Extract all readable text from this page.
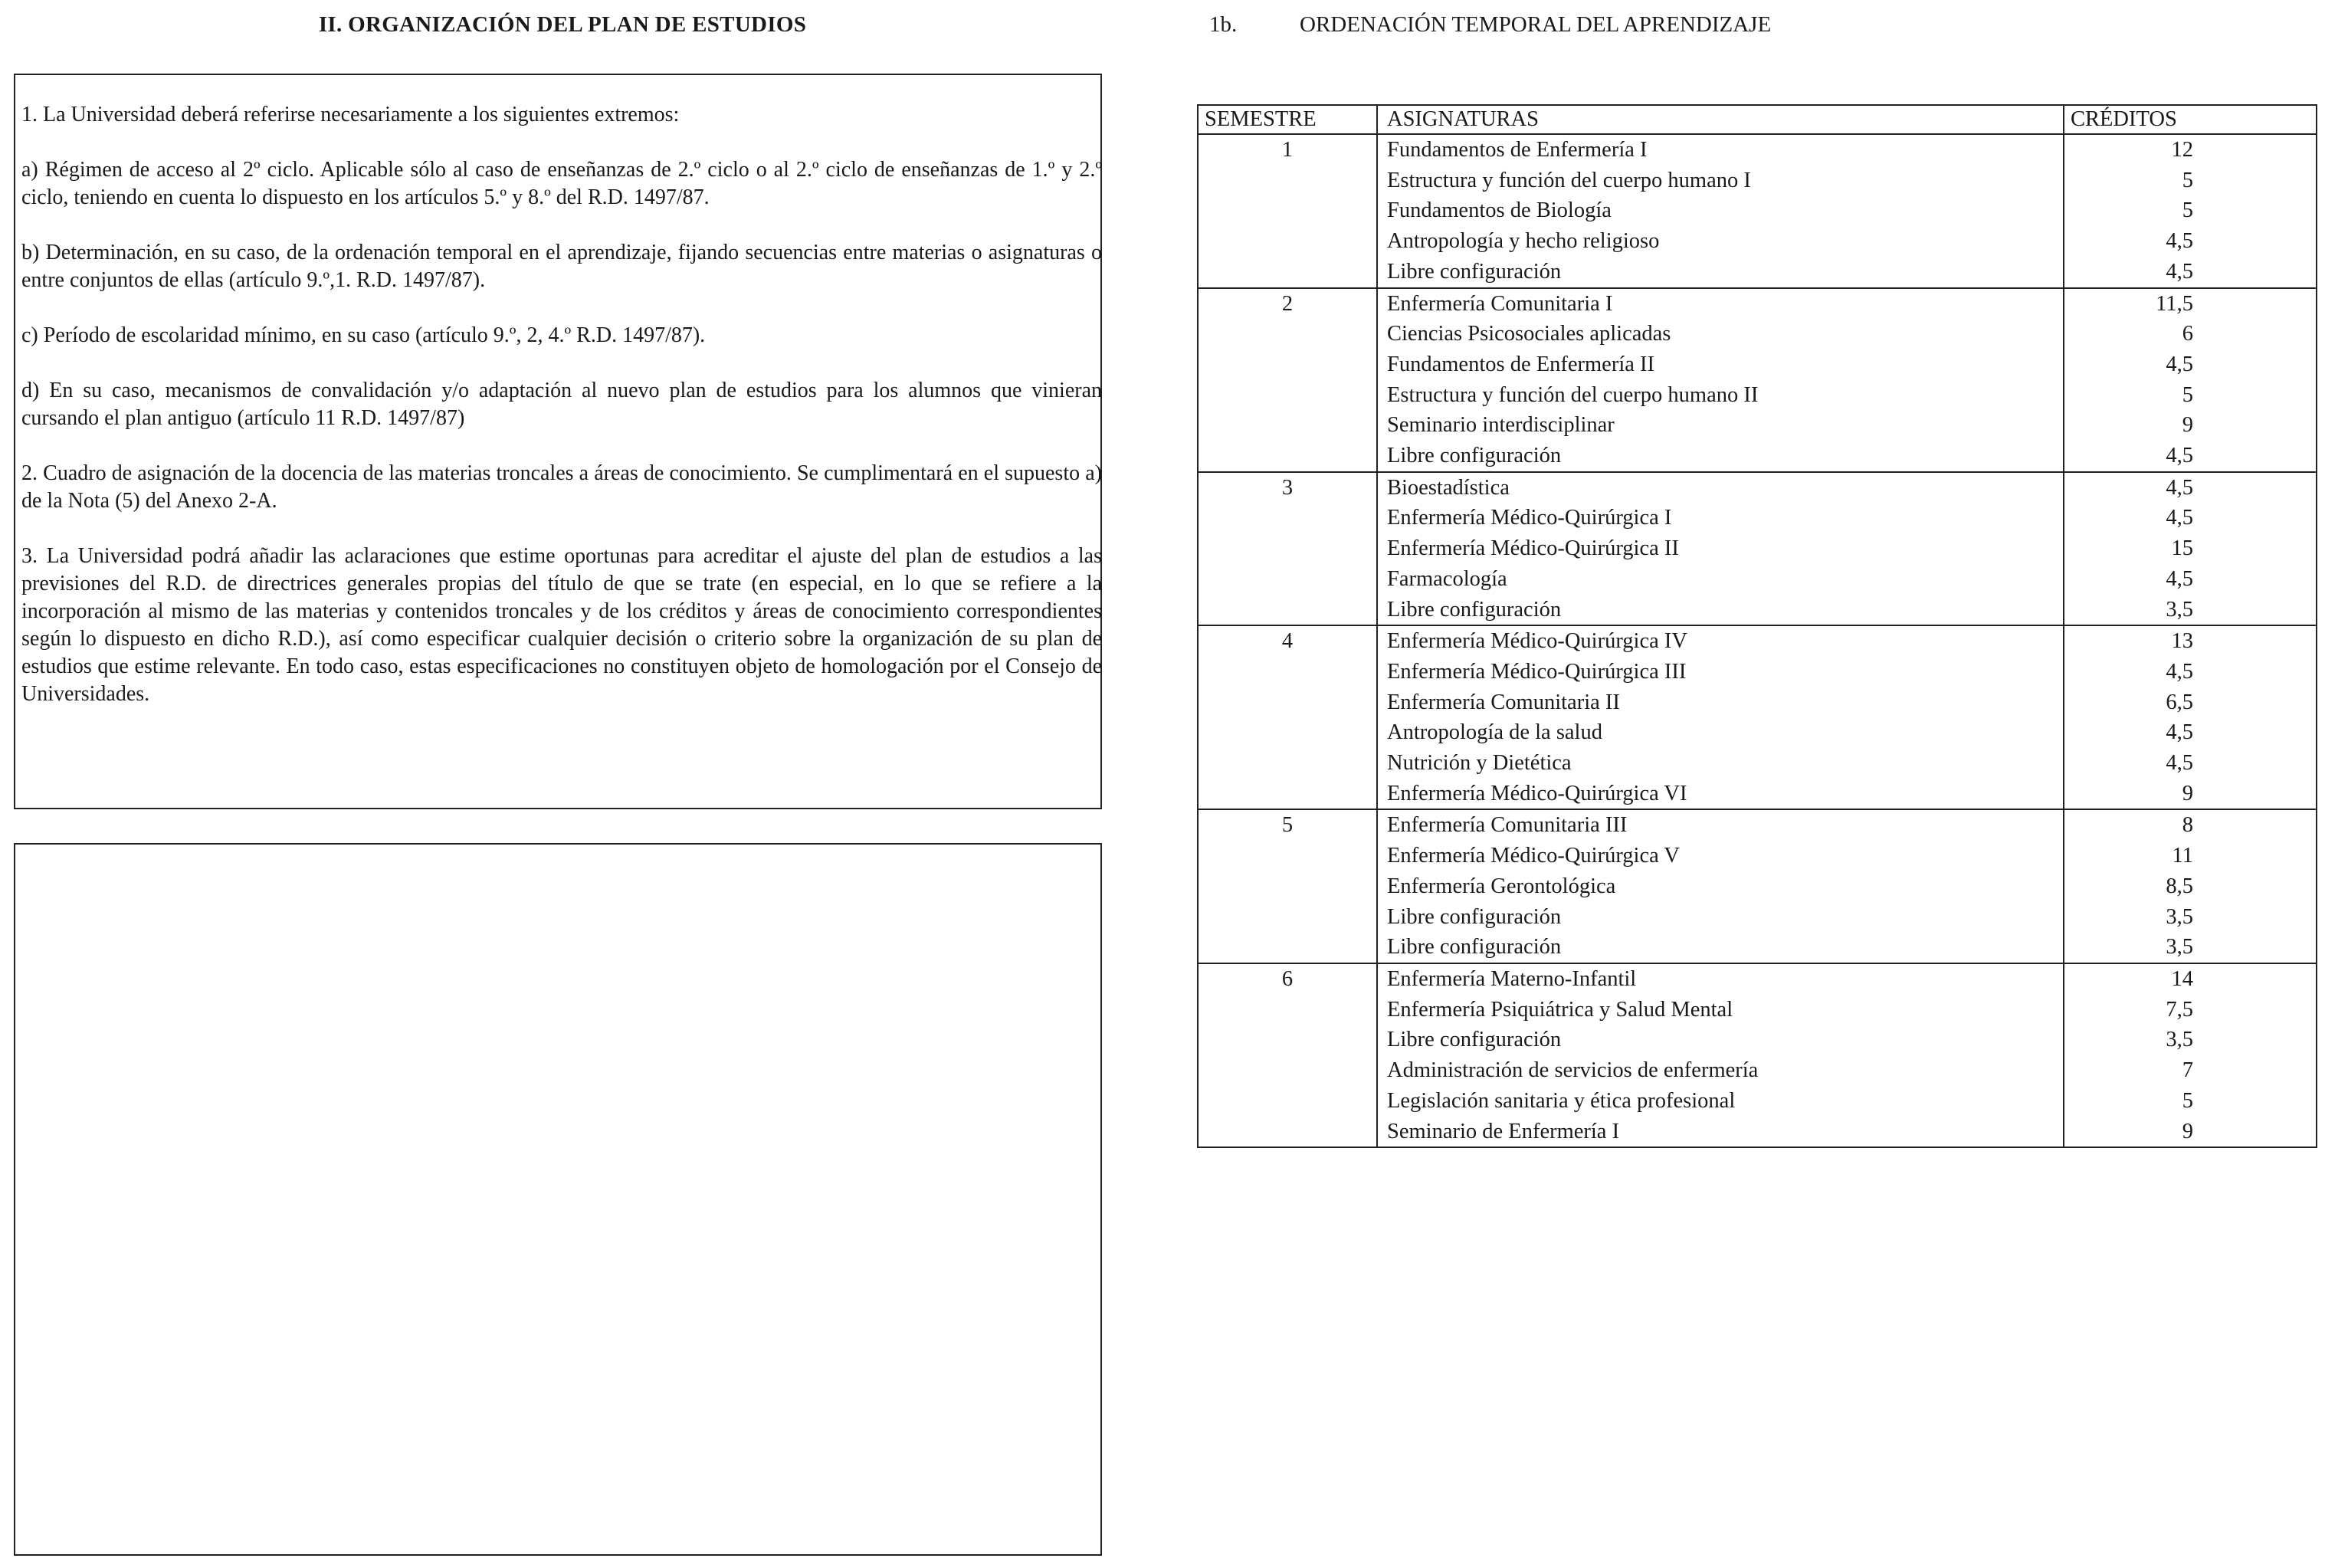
II. ORGANIZACIÓN DEL PLAN DE ESTUDIOS

1. La Universidad deberá referirse necesariamente a los siguientes extremos:

a) Régimen de acceso al 2º ciclo. Aplicable sólo al caso de enseñanzas de 2.º ciclo o al 2.º ciclo de enseñanzas de 1.º y 2.º ciclo, teniendo en cuenta lo dispuesto en los artículos 5.º y 8.º del R.D. 1497/87.

b) Determinación, en su caso, de la ordenación temporal en el aprendizaje, fijando secuencias entre materias o asignaturas o entre conjuntos de ellas (artículo 9.º,1. R.D. 1497/87).

c) Período de escolaridad mínimo, en su caso (artículo 9.º, 2, 4.º R.D. 1497/87).

d) En su caso, mecanismos de convalidación y/o adaptación al nuevo plan de estudios para los alumnos que vinieran cursando el plan antiguo (artículo 11 R.D. 1497/87)

2. Cuadro de asignación de la docencia de las materias troncales a áreas de conocimiento. Se cumplimentará en el supuesto a) de la Nota (5) del Anexo 2-A.

3. La Universidad podrá añadir las aclaraciones que estime oportunas para acreditar el ajuste del plan de estudios a las previsiones del R.D. de directrices generales propias del título de que se trate (en especial, en lo que se refiere a la incorporación al mismo de las materias y contenidos troncales y de los créditos y áreas de conocimiento correspondientes según lo dispuesto en dicho R.D.), así como especificar cualquier decisión o criterio sobre la organización de su plan de estudios que estime relevante. En todo caso, estas especificaciones no constituyen objeto de homologación por el Consejo de Universidades.

1b.	ORDENACIÓN TEMPORAL DEL APRENDIZAJE
SEMESTRE	ASIGNATURAS	CRÉDITOS
1	Fundamentos de Enfermería I	12
	Estructura y función del cuerpo humano I	5
	Fundamentos de Biología	5
	Antropología y hecho religioso	4,5
	Libre configuración	4,5
2	Enfermería Comunitaria I	11,5
	Ciencias Psicosociales aplicadas	6
	Fundamentos de Enfermería II	4,5
	Estructura y función del cuerpo humano II	5
	Seminario interdisciplinar	9
	Libre configuración	4,5
3	Bioestadística	4,5
	Enfermería Médico-Quirúrgica I	4,5
	Enfermería Médico-Quirúrgica II	15
	Farmacología	4,5
	Libre configuración	3,5
4	Enfermería Médico-Quirúrgica IV	13
	Enfermería Médico-Quirúrgica III	4,5
	Enfermería Comunitaria II	6,5
	Antropología de la salud	4,5
	Nutrición y Dietética	4,5
	Enfermería Médico-Quirúrgica VI	9
5	Enfermería Comunitaria III	8
	Enfermería Médico-Quirúrgica V	11
	Enfermería Gerontológica	8,5
	Libre configuración	3,5
	Libre configuración	3,5
6	Enfermería Materno-Infantil	14
	Enfermería Psiquiátrica y Salud Mental	7,5
	Libre configuración	3,5
	Administración de servicios de enfermería	7
	Legislación sanitaria y ética profesional	5
	Seminario de Enfermería I	9
